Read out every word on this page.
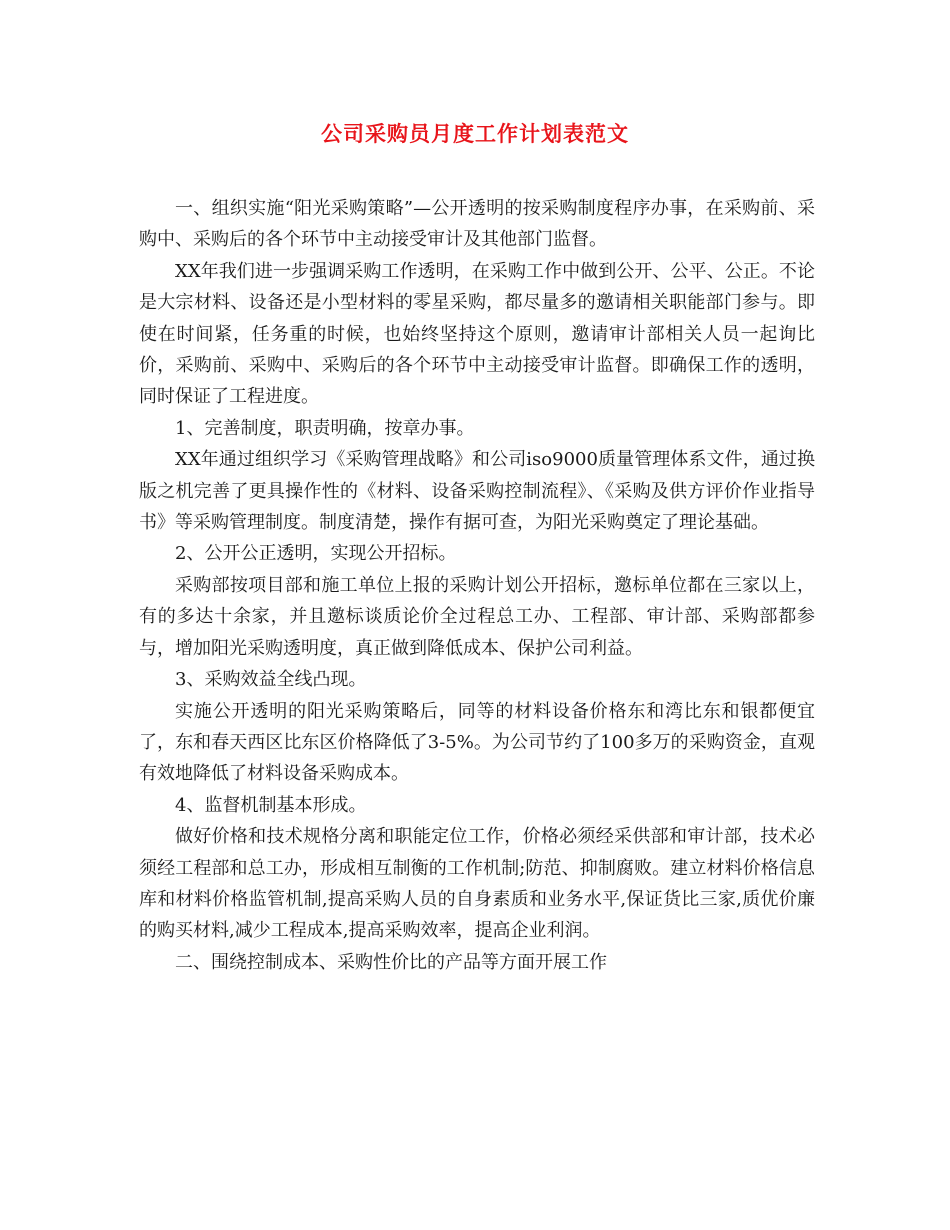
公司采购员月度工作计划表范文

一、组织实施“阳光采购策略”—公开透明的按采购制度程序办事，在采购前、采购中、采购后的各个环节中主动接受审计及其他部门监督。

XX年我们进一步强调采购工作透明，在采购工作中做到公开、公平、公正。不论是大宗材料、设备还是小型材料的零星采购，都尽量多的邀请相关职能部门参与。即使在时间紧，任务重的时候，也始终坚持这个原则，邀请审计部相关人员一起询比价，采购前、采购中、采购后的各个环节中主动接受审计监督。即确保工作的透明，同时保证了工程进度。

1、完善制度，职责明确，按章办事。

XX年通过组织学习《采购管理战略》和公司iso9000质量管理体系文件，通过换版之机完善了更具操作性的《材料、设备采购控制流程》、《采购及供方评价作业指导书》等采购管理制度。制度清楚，操作有据可查，为阳光采购奠定了理论基础。

2、公开公正透明，实现公开招标。

采购部按项目部和施工单位上报的采购计划公开招标，邀标单位都在三家以上，有的多达十余家，并且邀标谈质论价全过程总工办、工程部、审计部、采购部都参与，增加阳光采购透明度，真正做到降低成本、保护公司利益。

3、采购效益全线凸现。

实施公开透明的阳光采购策略后，同等的材料设备价格东和湾比东和银都便宜了，东和春天西区比东区价格降低了3-5%。为公司节约了100多万的采购资金，直观有效地降低了材料设备采购成本。

4、监督机制基本形成。

做好价格和技术规格分离和职能定位工作，价格必须经采供部和审计部，技术必须经工程部和总工办，形成相互制衡的工作机制;防范、抑制腐败。建立材料价格信息库和材料价格监管机制,提高采购人员的自身素质和业务水平,保证货比三家,质优价廉的购买材料,减少工程成本,提高采购效率，提高企业利润。

二、围绕控制成本、采购性价比的产品等方面开展工作
